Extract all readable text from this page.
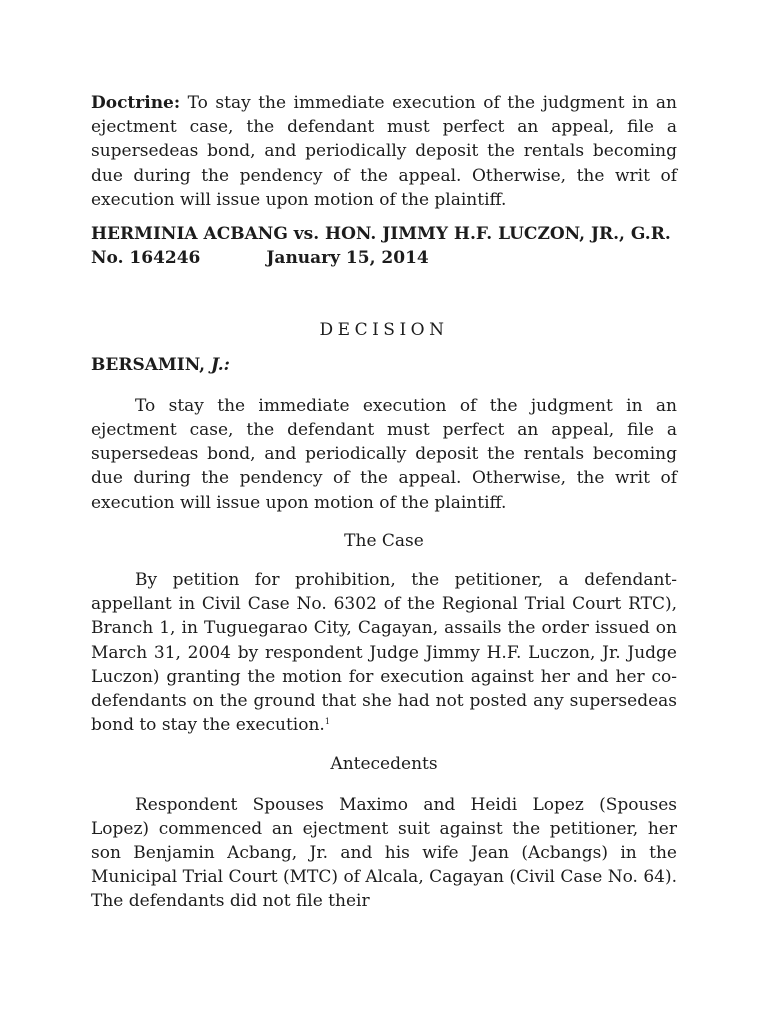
Doctrine: To stay the immediate execution of the judgment in an ejectment case, the defendant must perfect an appeal, file a supersedeas bond, and periodically deposit the rentals becoming due during the pendency of the appeal. Otherwise, the writ of execution will issue upon motion of the plaintiff.

HERMINIA ACBANG vs. HON. JIMMY H.F. LUCZON, JR., G.R. No. 164246	January 15, 2014

DECISION

BERSAMIN, J.:

To stay the immediate execution of the judgment in an ejectment case, the defendant must perfect an appeal, file a supersedeas bond, and periodically deposit the rentals becoming due during the pendency of the appeal. Otherwise, the writ of execution will issue upon motion of the plaintiff.

The Case

By petition for prohibition, the petitioner, a defendant-appellant in Civil Case No. 6302 of the Regional Trial Court RTC), Branch 1, in Tuguegarao City, Cagayan, assails the order issued on March 31, 2004 by respondent Judge Jimmy H.F. Luczon, Jr. Judge Luczon) granting the motion for execution against her and her co-defendants on the ground that she had not posted any supersedeas bond to stay the execution.$^1$

Antecedents

Respondent Spouses Maximo and Heidi Lopez (Spouses Lopez) commenced an ejectment suit against the petitioner, her son Benjamin Acbang, Jr. and his wife Jean (Acbangs) in the Municipal Trial Court (MTC) of Alcala, Cagayan (Civil Case No. 64). The defendants did not file their
